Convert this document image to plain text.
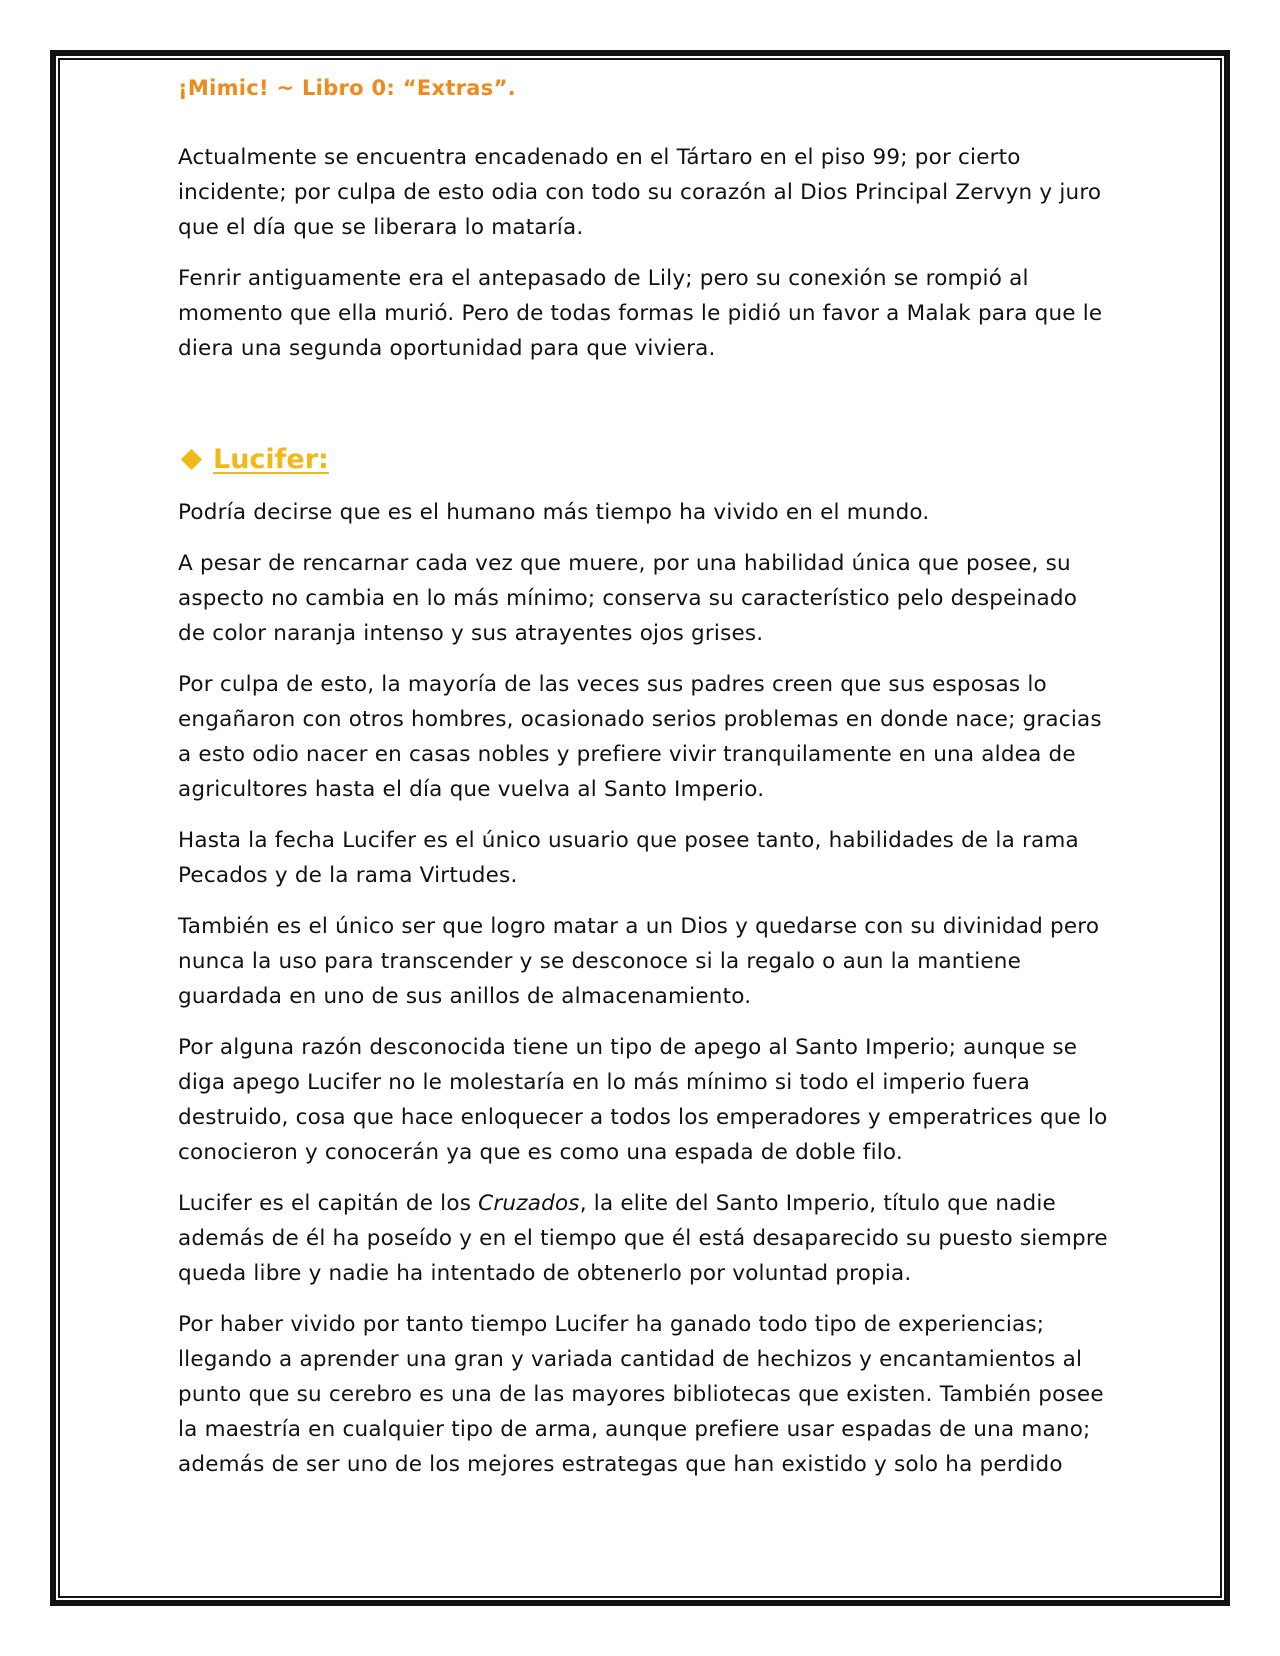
¡Mimic! ~ Libro 0: “Extras”.

Actualmente se encuentra encadenado en el Tártaro en el piso 99; por cierto incidente; por culpa de esto odia con todo su corazón al Dios Principal Zervyn y juro que el día que se liberara lo mataría.

Fenrir antiguamente era el antepasado de Lily; pero su conexión se rompió al momento que ella murió. Pero de todas formas le pidió un favor a Malak para que le diera una segunda oportunidad para que viviera.

Lucifer:

Podría decirse que es el humano más tiempo ha vivido en el mundo.

A pesar de rencarnar cada vez que muere, por una habilidad única que posee, su aspecto no cambia en lo más mínimo; conserva su característico pelo despeinado de color naranja intenso y sus atrayentes ojos grises.

Por culpa de esto, la mayoría de las veces sus padres creen que sus esposas lo engañaron con otros hombres, ocasionado serios problemas en donde nace; gracias a esto odio nacer en casas nobles y prefiere vivir tranquilamente en una aldea de agricultores hasta el día que vuelva al Santo Imperio.

Hasta la fecha Lucifer es el único usuario que posee tanto, habilidades de la rama Pecados y de la rama Virtudes.

También es el único ser que logro matar a un Dios y quedarse con su divinidad pero nunca la uso para transcender y se desconoce si la regalo o aun la mantiene guardada en uno de sus anillos de almacenamiento.

Por alguna razón desconocida tiene un tipo de apego al Santo Imperio; aunque se diga apego Lucifer no le molestaría en lo más mínimo si todo el imperio fuera destruido, cosa que hace enloquecer a todos los emperadores y emperatrices que lo conocieron y conocerán ya que es como una espada de doble filo.

Lucifer es el capitán de los Cruzados, la elite del Santo Imperio, título que nadie además de él ha poseído y en el tiempo que él está desaparecido su puesto siempre queda libre y nadie ha intentado de obtenerlo por voluntad propia.

Por haber vivido por tanto tiempo Lucifer ha ganado todo tipo de experiencias; llegando a aprender una gran y variada cantidad de hechizos y encantamientos al punto que su cerebro es una de las mayores bibliotecas que existen. También posee la maestría en cualquier tipo de arma, aunque prefiere usar espadas de una mano; además de ser uno de los mejores estrategas que han existido y solo ha perdido
